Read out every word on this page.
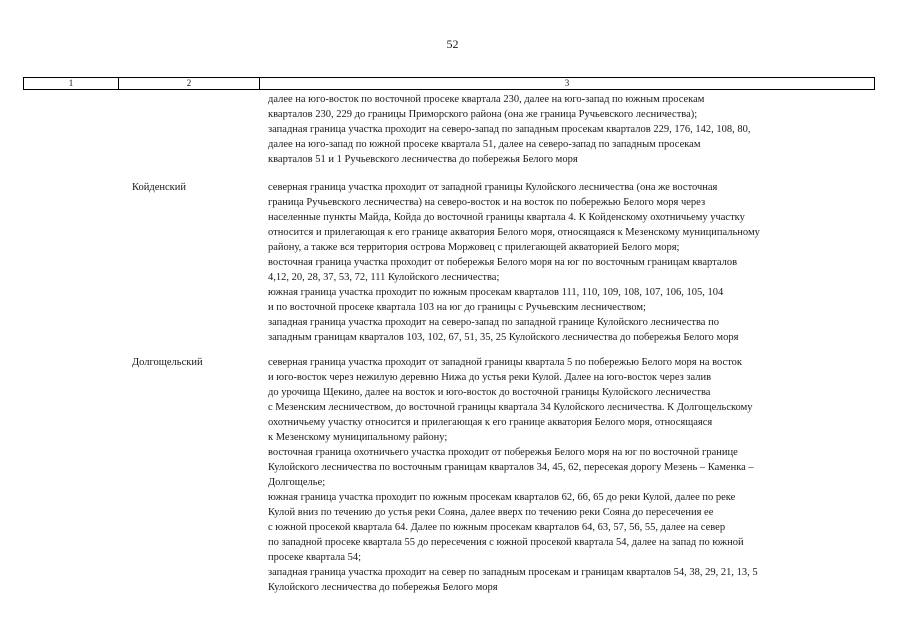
52
1	2	3
далее на юго-восток по восточной просеке квартала 230, далее на юго-запад по южным просекам
кварталов 230, 229 до границы Приморского района (она же граница Ручьевского лесничества);
западная граница участка проходит на северо-запад по западным просекам кварталов 229, 176, 142, 108, 80,
далее на юго-запад по южной просеке квартала 51, далее на северо-запад по западным просекам
кварталов 51 и 1 Ручьевского лесничества до побережья Белого моря
Койденский	северная граница участка проходит от западной границы Кулойского лесничества (она же восточная
граница Ручьевского лесничества) на северо-восток и на восток по побережью Белого моря через
населенные пункты Майда, Койда до восточной границы квартала 4. К Койденскому охотничьему участку
относится и прилегающая к его границе акватория Белого моря, относящаяся к Мезенскому муниципальному
району, а также вся территория острова Моржовец с прилегающей акваторией Белого моря;
восточная граница участка проходит от побережья Белого моря на юг по восточным границам кварталов
4,12, 20, 28, 37, 53, 72, 111 Кулойского лесничества;
южная граница участка проходит по южным просекам кварталов 111, 110, 109, 108, 107, 106, 105, 104
и по восточной просеке квартала 103 на юг до границы с Ручьевским лесничеством;
западная граница участка проходит на северо-запад по западной границе Кулойского лесничества по
западным границам кварталов 103, 102, 67, 51, 35, 25 Кулойского лесничества до побережья Белого моря
Долгощельский	северная граница участка проходит от западной границы квартала 5 по побережью Белого моря на восток
и юго-восток через нежилую деревню Нижа до устья реки Кулой. Далее на юго-восток через залив
до урочища Щекино, далее на восток и юго-восток до восточной границы Кулойского лесничества
с Мезенским лесничеством, до восточной границы квартала 34 Кулойского лесничества. К Долгощельскому
охотничьему участку относится и прилегающая к его границе акватория Белого моря, относящаяся
к Мезенскому муниципальному району;
восточная граница охотничьего участка проходит от побережья Белого моря на юг по восточной границе
Кулойского лесничества по восточным границам кварталов 34, 45, 62, пересекая дорогу Мезень – Каменка –
Долгощелье;
южная граница участка проходит по южным просекам кварталов 62, 66, 65 до реки Кулой, далее по реке
Кулой вниз по течению до устья реки Сояна, далее вверх по течению реки Сояна до пересечения ее
с южной просекой квартала 64. Далее по южным просекам кварталов 64, 63, 57, 56, 55, далее на север
по западной просеке квартала 55 до пересечения с южной просекой квартала 54, далее на запад по южной
просеке квартала 54;
западная граница участка проходит на север по западным просекам и границам кварталов 54, 38, 29, 21, 13, 5
Кулойского лесничества до побережья Белого моря
